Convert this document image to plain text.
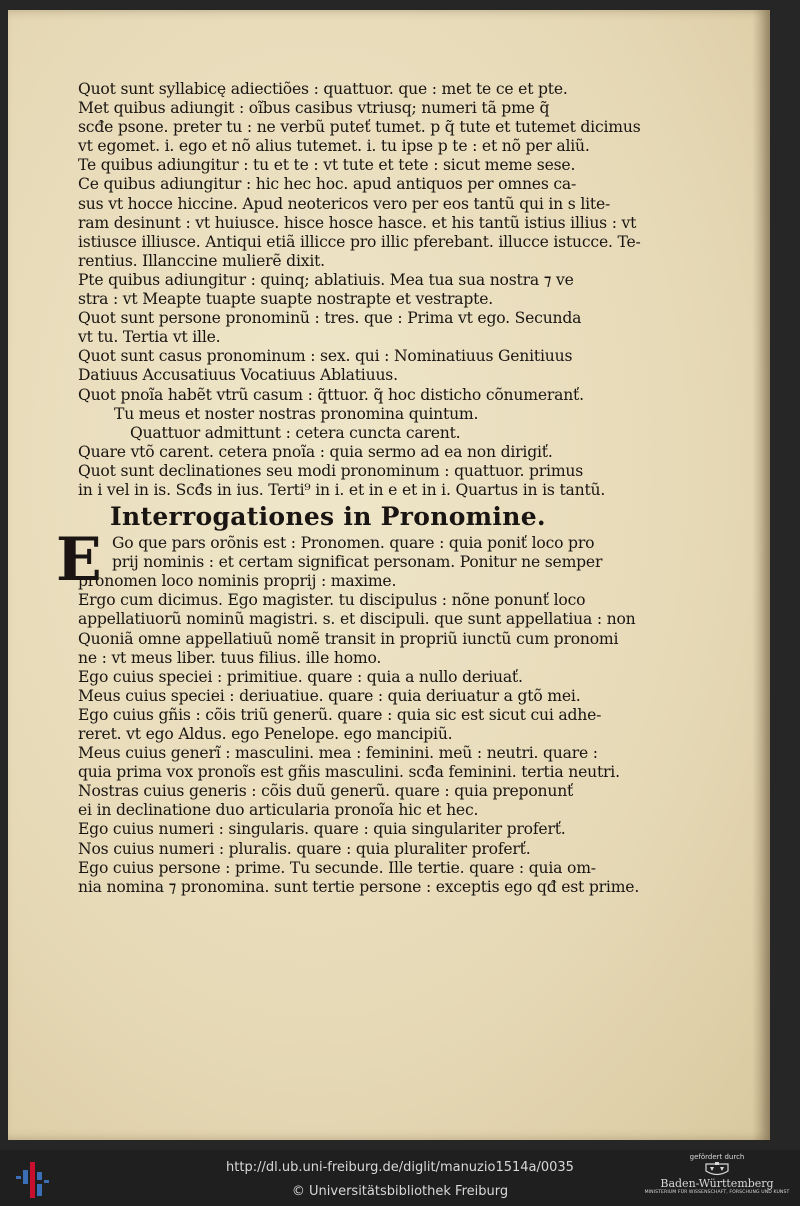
Quot sunt syllabicę adiectiões : quattuor. que : met te ce et pte.
Met quibus adiungit : oĩbus casibus vtriusq; numeri tã pme q̃
scđe psone. preter tu : ne verbũ puteť tumet. p q̃ tute et tutemet dicimus
vt egomet. i. ego et nõ alius tutemet. i. tu ipse p te : et nõ per aliũ.
Te quibus adiungitur : tu et te : vt tute et tete : sicut meme sese.
Ce quibus adiungitur : hic hec hoc. apud antiquos per omnes ca-
sus vt hocce hiccine. Apud neotericos vero per eos tantũ qui in s lite-
ram desinunt : vt huiusce. hisce hosce hasce. et his tantũ istius illius : vt
istiusce illiusce. Antiqui etiã illicce pro illic pferebant. illucce istucce. Te-
rentius. Illanccine mulierẽ dixit.
Pte quibus adiungitur : quinq; ablatiuis. Mea tua sua nostra ⁊ ve
stra : vt Meapte tuapte suapte nostrapte et vestrapte.
Quot sunt persone pronominũ : tres. que : Prima vt ego. Secunda
vt tu. Tertia vt ille.
Quot sunt casus pronominum : sex. qui : Nominatiuus Genitiuus
Datiuus Accusatiuus Vocatiuus Ablatiuus.
Quot pnoĩa habẽt vtrũ casum : q̃ttuor. q̃ hoc disticho cõnumeranť.
Tu meus et noster nostras pronomina quintum.
Quattuor admittunt : cetera cuncta carent.
Quare vtõ carent. cetera pnoĩa : quia sermo ad ea non dirigiť.
Quot sunt declinationes seu modi pronominum : quattuor. primus
in i vel in is. Scđs in ius. Terti⁹ in i. et in e et in i. Quartus in is tantũ.
Interrogationes in Pronomine.
E Go que pars orõnis est : Pronomen. quare : quia poniť loco pro
prij nominis : et certam significat personam. Ponitur ne semper
pronomen loco nominis proprij : maxime.
Ergo cum dicimus. Ego magister. tu discipulus : nõne ponunť loco
appellatiuorũ nominũ magistri. s. et discipuli. que sunt appellatiua : non
Quoniã omne appellatiuũ nomẽ transit in propriũ iunctũ cum pronomi
ne : vt meus liber. tuus filius. ille homo.
Ego cuius speciei : primitiue. quare : quia a nullo deriuať.
Meus cuius speciei : deriuatiue. quare : quia deriuatur a gtõ mei.
Ego cuius gñis : cõis triũ generũ. quare : quia sic est sicut cui adhe-
reret. vt ego Aldus. ego Penelope. ego mancipiũ.
Meus cuius generĩ : masculini. mea : feminini. meũ : neutri. quare :
quia prima vox pronoĩs est gñis masculini. scđa feminini. tertia neutri.
Nostras cuius generis : cõis duũ generũ. quare : quia preponunť
ei in declinatione duo articularia pronoĩa hic et hec.
Ego cuius numeri : singularis. quare : quia singulariter proferť.
Nos cuius numeri : pluralis. quare : quia pluraliter proferť.
Ego cuius persone : prime. Tu secunde. Ille tertie. quare : quia om-
nia nomina ⁊ pronomina. sunt tertie persone : exceptis ego qđ est prime.
http://dl.ub.uni-freiburg.de/diglit/manuzio1514a/0035
© Universitätsbibliothek Freiburg
gefördert durch
Baden-Württemberg
MINISTERIUM FÜR WISSENSCHAFT, FORSCHUNG UND KUNST
